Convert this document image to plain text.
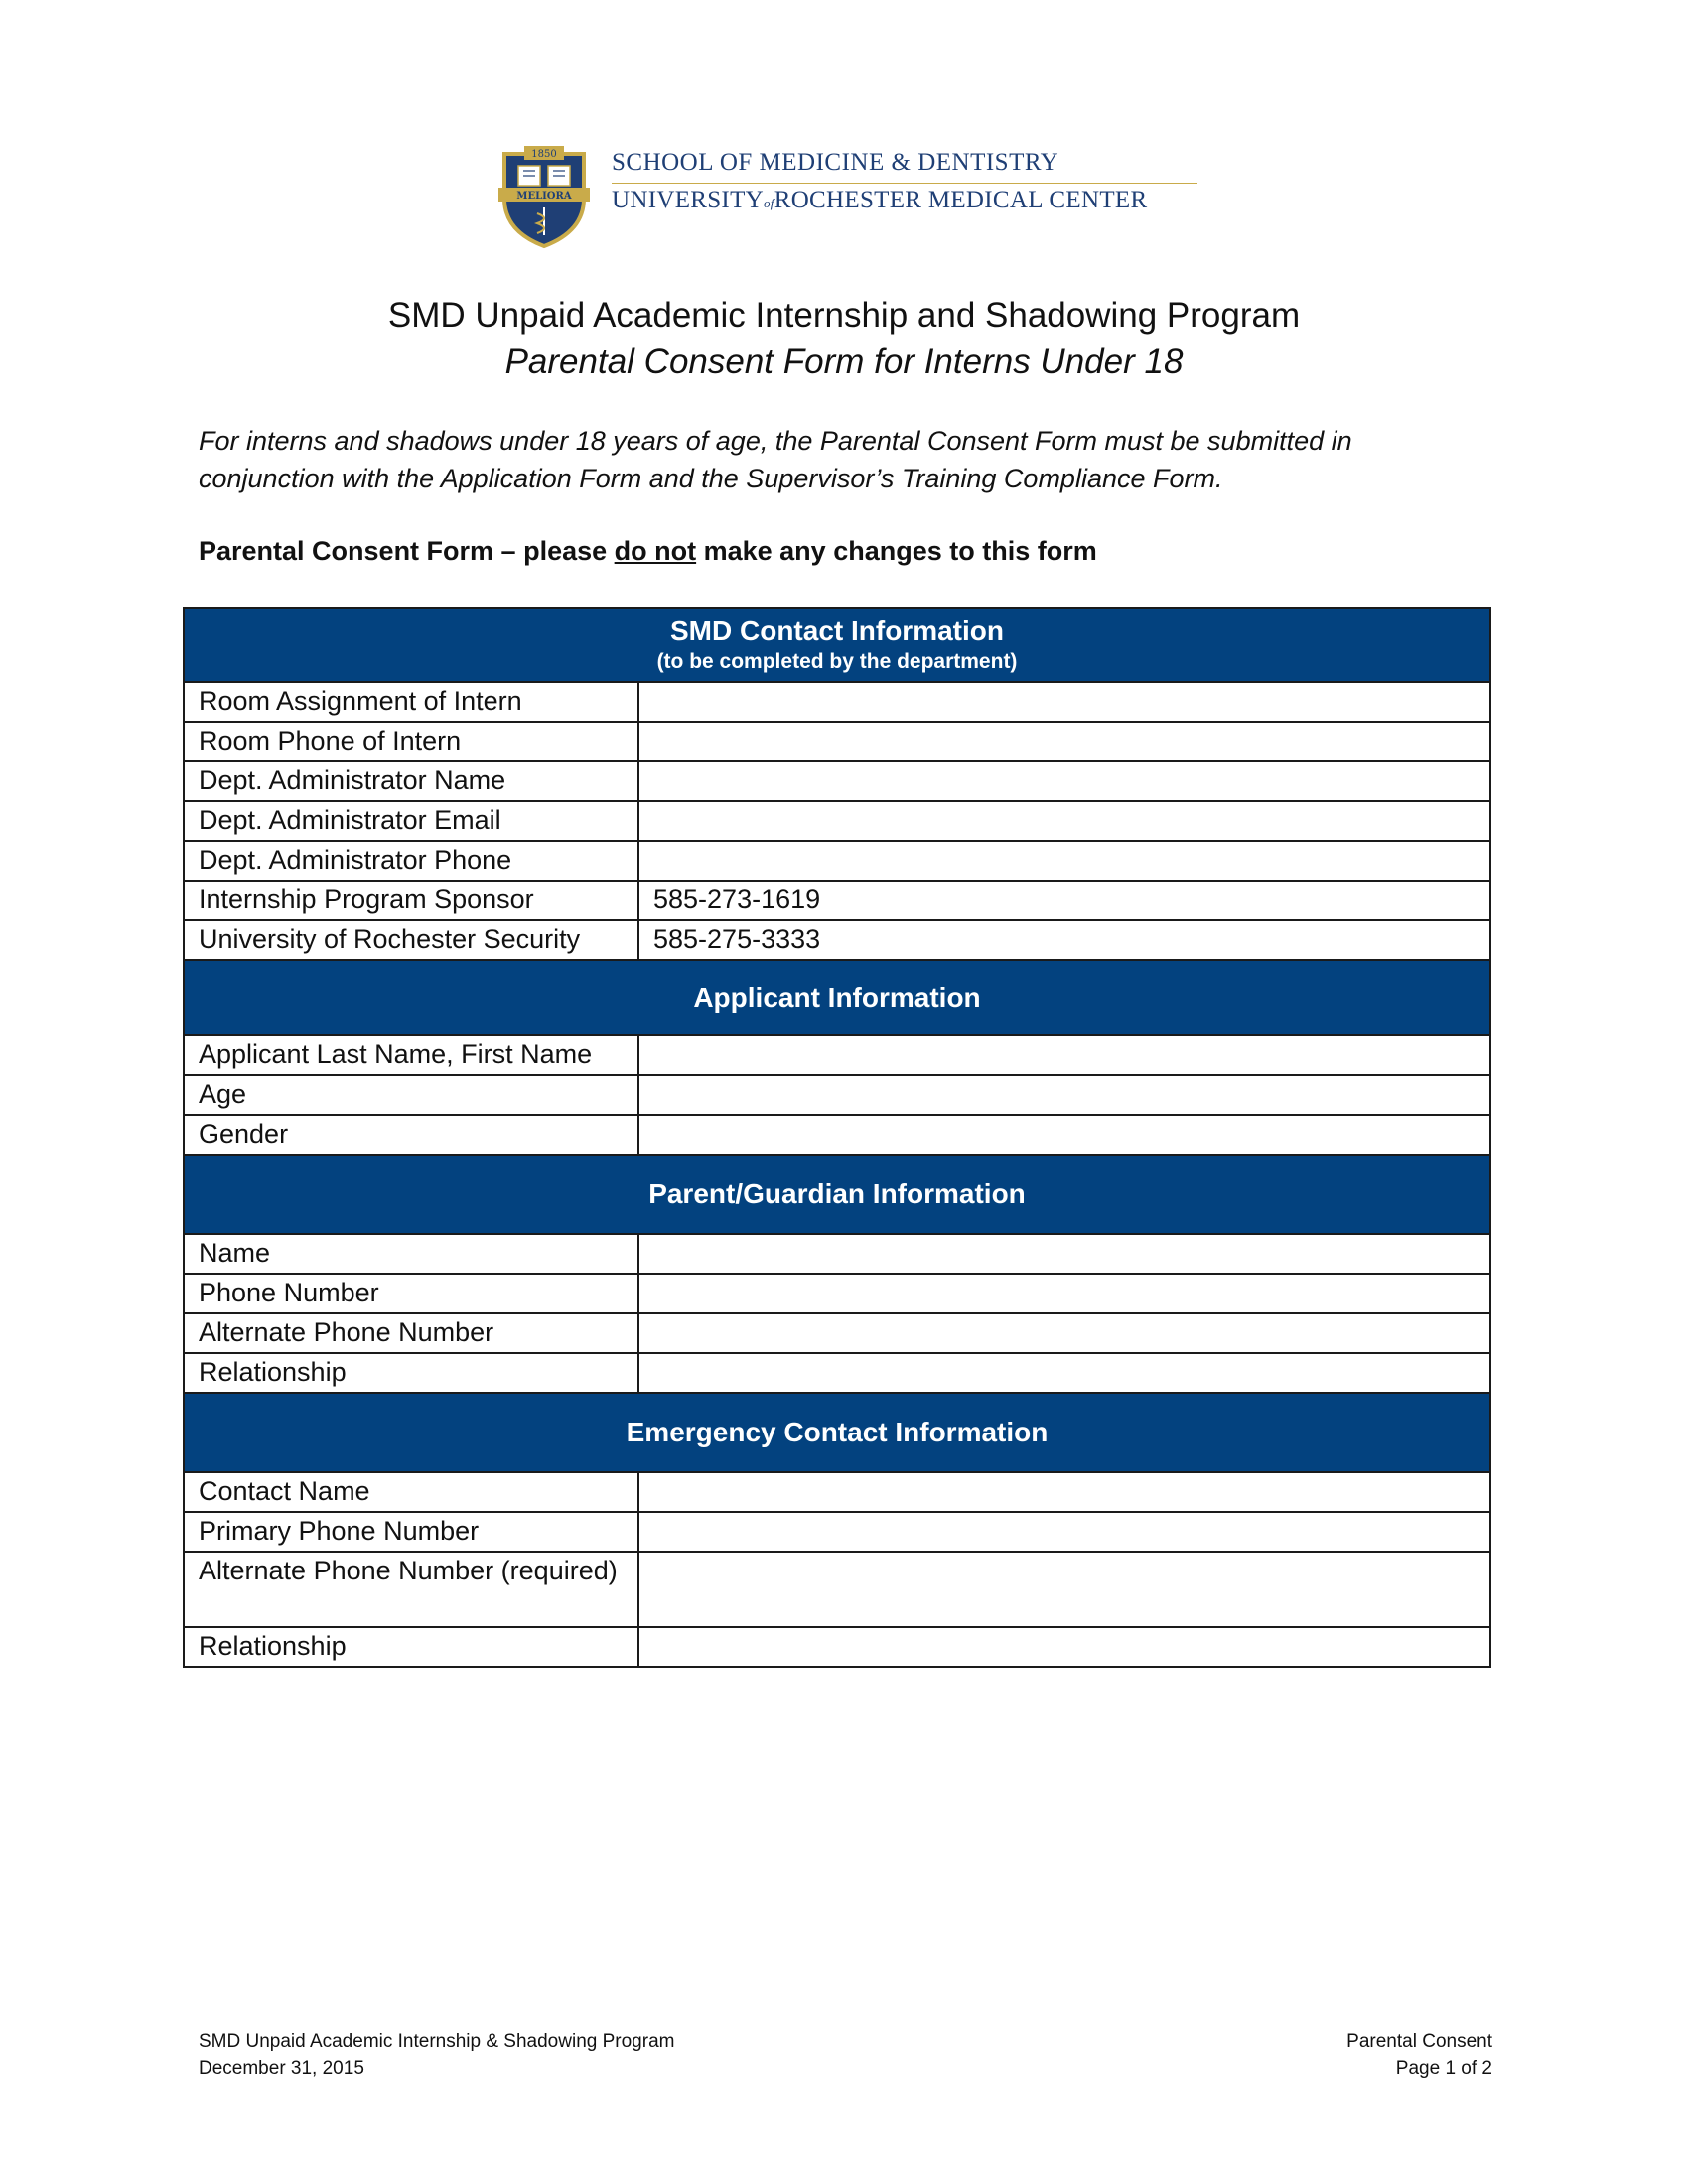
1850
MELIORA
SCHOOL OF MEDICINE & DENTISTRY
UNIVERSITYofROCHESTER MEDICAL CENTER
SMD Unpaid Academic Internship and Shadowing Program
Parental Consent Form for Interns Under 18
For interns and shadows under 18 years of age, the Parental Consent Form must be submitted in conjunction with the Application Form and the Supervisor’s Training Compliance Form.
Parental Consent Form – please do not make any changes to this form
SMD Contact Information
(to be completed by the department)	

Room Assignment of Intern	
Room Phone of Intern	
Dept. Administrator Name	
Dept. Administrator Email	
Dept. Administrator Phone	
Internship Program Sponsor	585-273-1619
University of Rochester Security	585-275-3333

Applicant Information	

Applicant Last Name, First Name	
Age	
Gender	

Parent/Guardian Information	

Name	
Phone Number	
Alternate Phone Number	
Relationship	

Emergency Contact Information	

Contact Name	
Primary Phone Number	
Alternate Phone Number (required)	
Relationship	
SMD Unpaid Academic Internship & Shadowing Program
December 31, 2015
Parental Consent
Page 1 of 2
